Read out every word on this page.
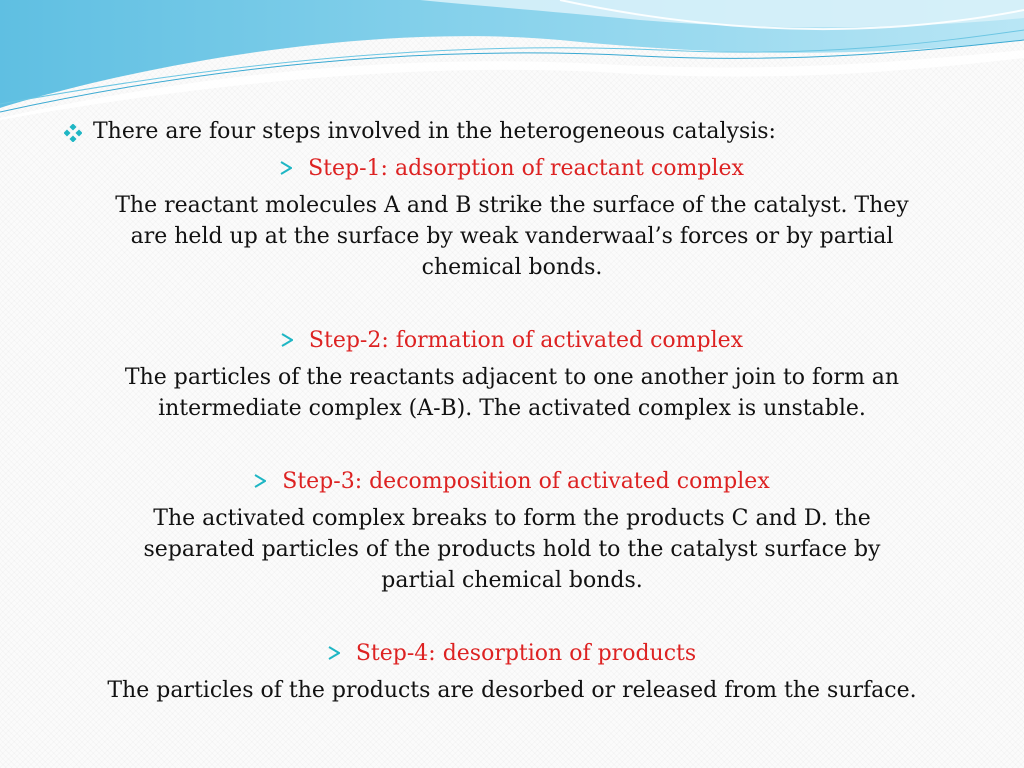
There are four steps involved in the heterogeneous catalysis:
Step-1: adsorption of reactant complex
The reactant molecules A and B strike the surface of the catalyst. They
are held up at the surface by weak vanderwaal’s forces or by partial
chemical bonds.
Step-2: formation of activated complex
The particles of the reactants adjacent to one another join to form an
intermediate complex (A-B). The activated complex is unstable.
Step-3: decomposition of activated complex
The activated complex breaks to form the products C and D. the
separated particles of the products hold to the catalyst surface by
partial chemical bonds.
Step-4: desorption of products
The particles of the products are desorbed or released from the surface.
